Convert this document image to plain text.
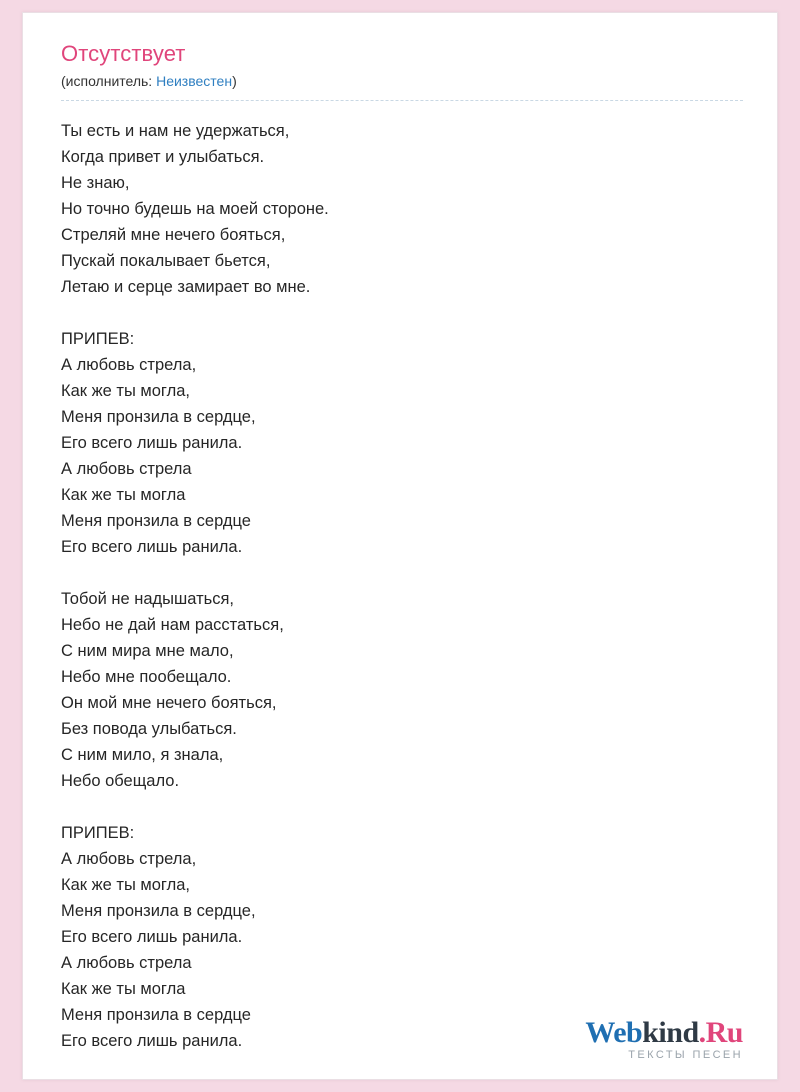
Отсутствует
(исполнитель: Неизвестен)
Ты есть и нам не удержаться,
Когда привет и улыбаться.
Не знаю,
Но точно будешь на моей стороне.
Стреляй мне нечего бояться,
Пускай покалывает бьется,
Летаю и серце замирает во мне.

ПРИПЕВ:
А любовь стрела,
Как же ты могла,
Меня пронзила в сердце,
Его всего лишь ранила.
А любовь стрела
Как же ты могла
Меня пронзила в сердце
Его всего лишь ранила.

Тобой не надышаться,
Небо не дай нам расстаться,
С ним мира мне мало,
Небо мне пообещало.
Он мой мне нечего бояться,
Без повода улыбаться.
С ним мило, я знала,
Небо обещало.

ПРИПЕВ:
А любовь стрела,
Как же ты могла,
Меня пронзила в сердце,
Его всего лишь ранила.
А любовь стрела
Как же ты могла
Меня пронзила в сердце
Его всего лишь ранила.	Webkind.Ru
ТЕКСТЫ ПЕСЕН
